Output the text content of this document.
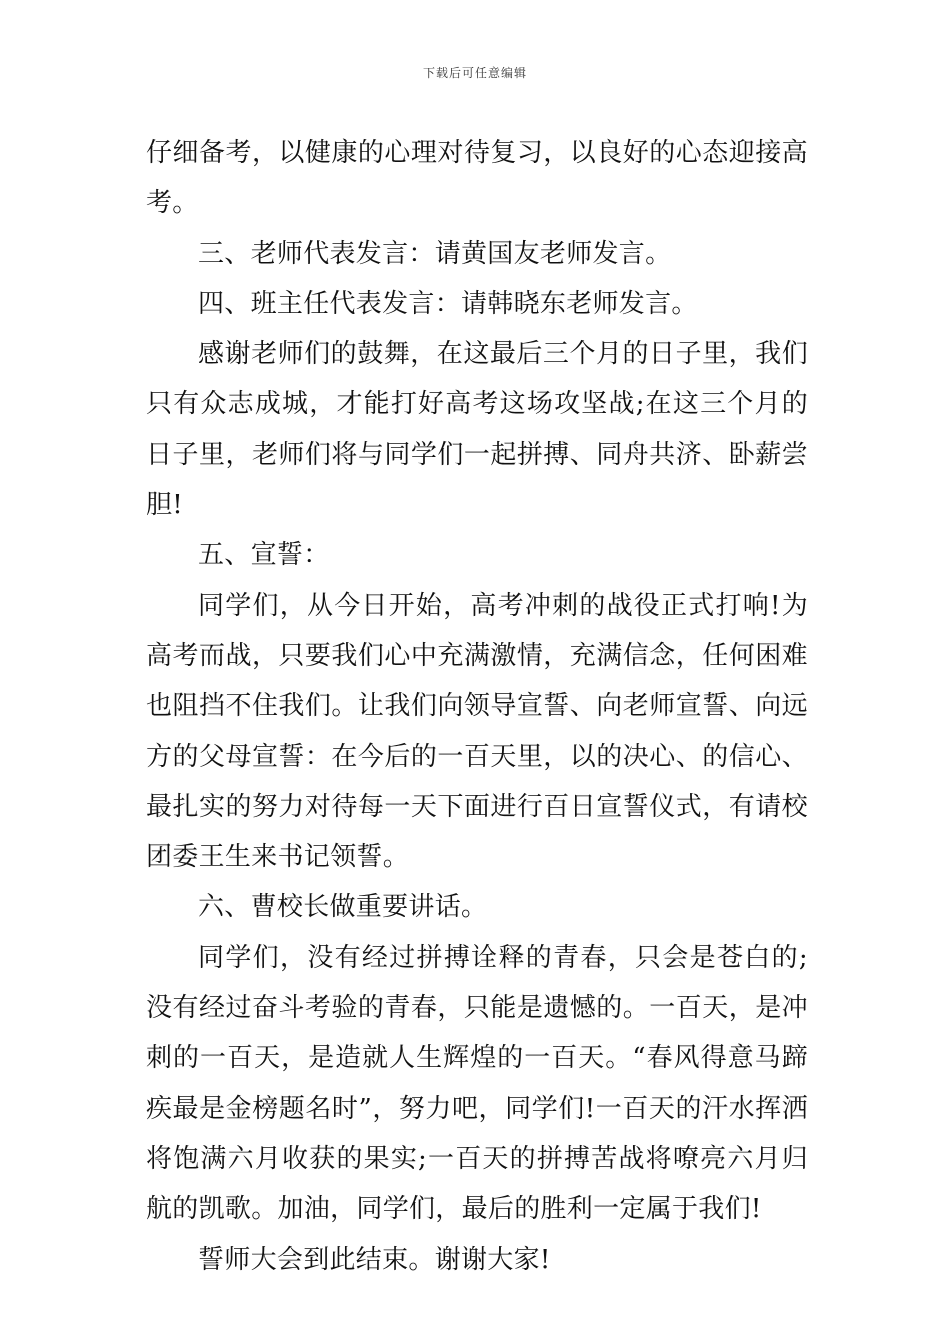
下载后可任意编辑

仔细备考，以健康的心理对待复习，以良好的心态迎接高考。

三、老师代表发言：请黄国友老师发言。

四、班主任代表发言：请韩晓东老师发言。

感谢老师们的鼓舞，在这最后三个月的日子里，我们只有众志成城，才能打好高考这场攻坚战;在这三个月的日子里，老师们将与同学们一起拼搏、同舟共济、卧薪尝胆!

五、宣誓：

同学们，从今日开始，高考冲刺的战役正式打响!为高考而战，只要我们心中充满激情，充满信念，任何困难也阻挡不住我们。让我们向领导宣誓、向老师宣誓、向远方的父母宣誓：在今后的一百天里，以的决心、的信心、最扎实的努力对待每一天下面进行百日宣誓仪式，有请校团委王生来书记领誓。

六、曹校长做重要讲话。

同学们，没有经过拼搏诠释的青春，只会是苍白的;没有经过奋斗考验的青春，只能是遗憾的。一百天，是冲刺的一百天，是造就人生辉煌的一百天。“春风得意马蹄疾最是金榜题名时”，努力吧，同学们!一百天的汗水挥洒将饱满六月收获的果实;一百天的拼搏苦战将嘹亮六月归航的凯歌。加油，同学们，最后的胜利一定属于我们!

誓师大会到此结束。谢谢大家!
